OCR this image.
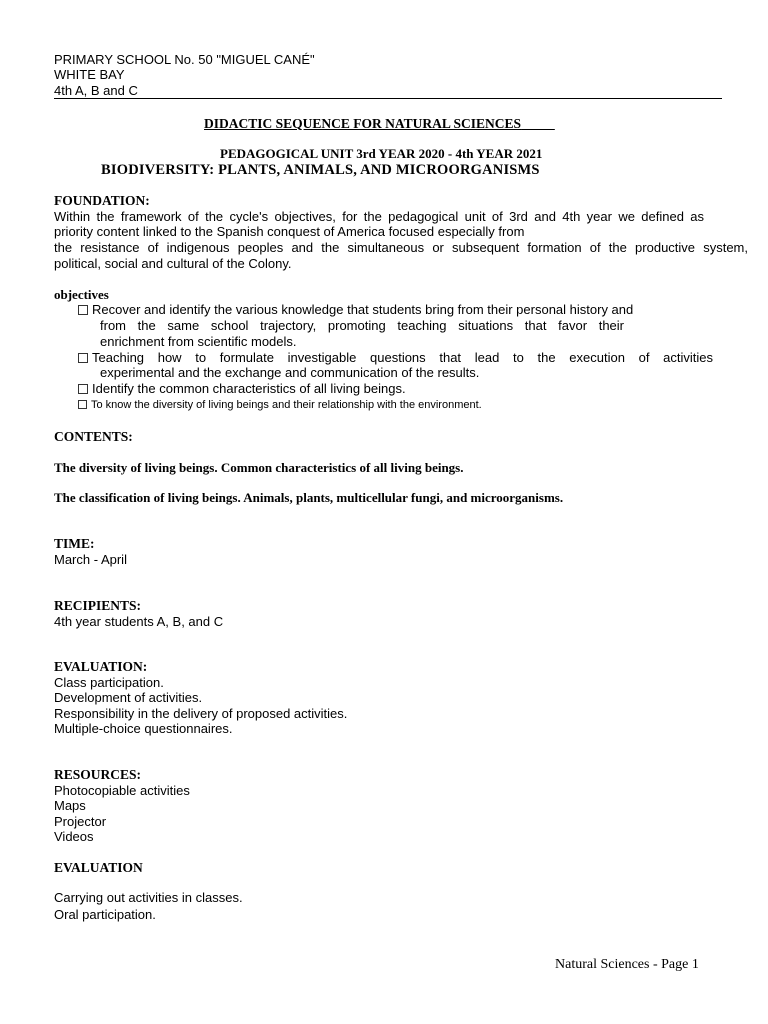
PRIMARY SCHOOL No. 50 "MIGUEL CANÉ"
WHITE BAY
4th A, B and C
DIDACTIC SEQUENCE FOR NATURAL SCIENCES
PEDAGOGICAL UNIT 3rd YEAR 2020 - 4th YEAR 2021
BIODIVERSITY: PLANTS, ANIMALS, AND MICROORGANISMS
FOUNDATION:
Within the framework of the cycle's objectives, for the pedagogical unit of 3rd and 4th year we defined as
priority content linked to the Spanish conquest of America focused especially from
the resistance of indigenous peoples and the simultaneous or subsequent formation of the productive system,
political, social and cultural of the Colony.
objectives
Recover and identify the various knowledge that students bring from their personal history and
from the same school trajectory, promoting teaching situations that favor their
enrichment from scientific models.
Teaching how to formulate investigable questions that lead to the execution of activities
experimental and the exchange and communication of the results.
Identify the common characteristics of all living beings.
To know the diversity of living beings and their relationship with the environment.
CONTENTS:
The diversity of living beings. Common characteristics of all living beings.
The classification of living beings. Animals, plants, multicellular fungi, and microorganisms.
TIME:
March - April
RECIPIENTS:
4th year students A, B, and C
EVALUATION:
Class participation.
Development of activities.
Responsibility in the delivery of proposed activities.
Multiple-choice questionnaires.
RESOURCES:
Photocopiable activities
Maps
Projector
Videos
EVALUATION
Carrying out activities in classes.
Oral participation.
Natural Sciences - Page 1
